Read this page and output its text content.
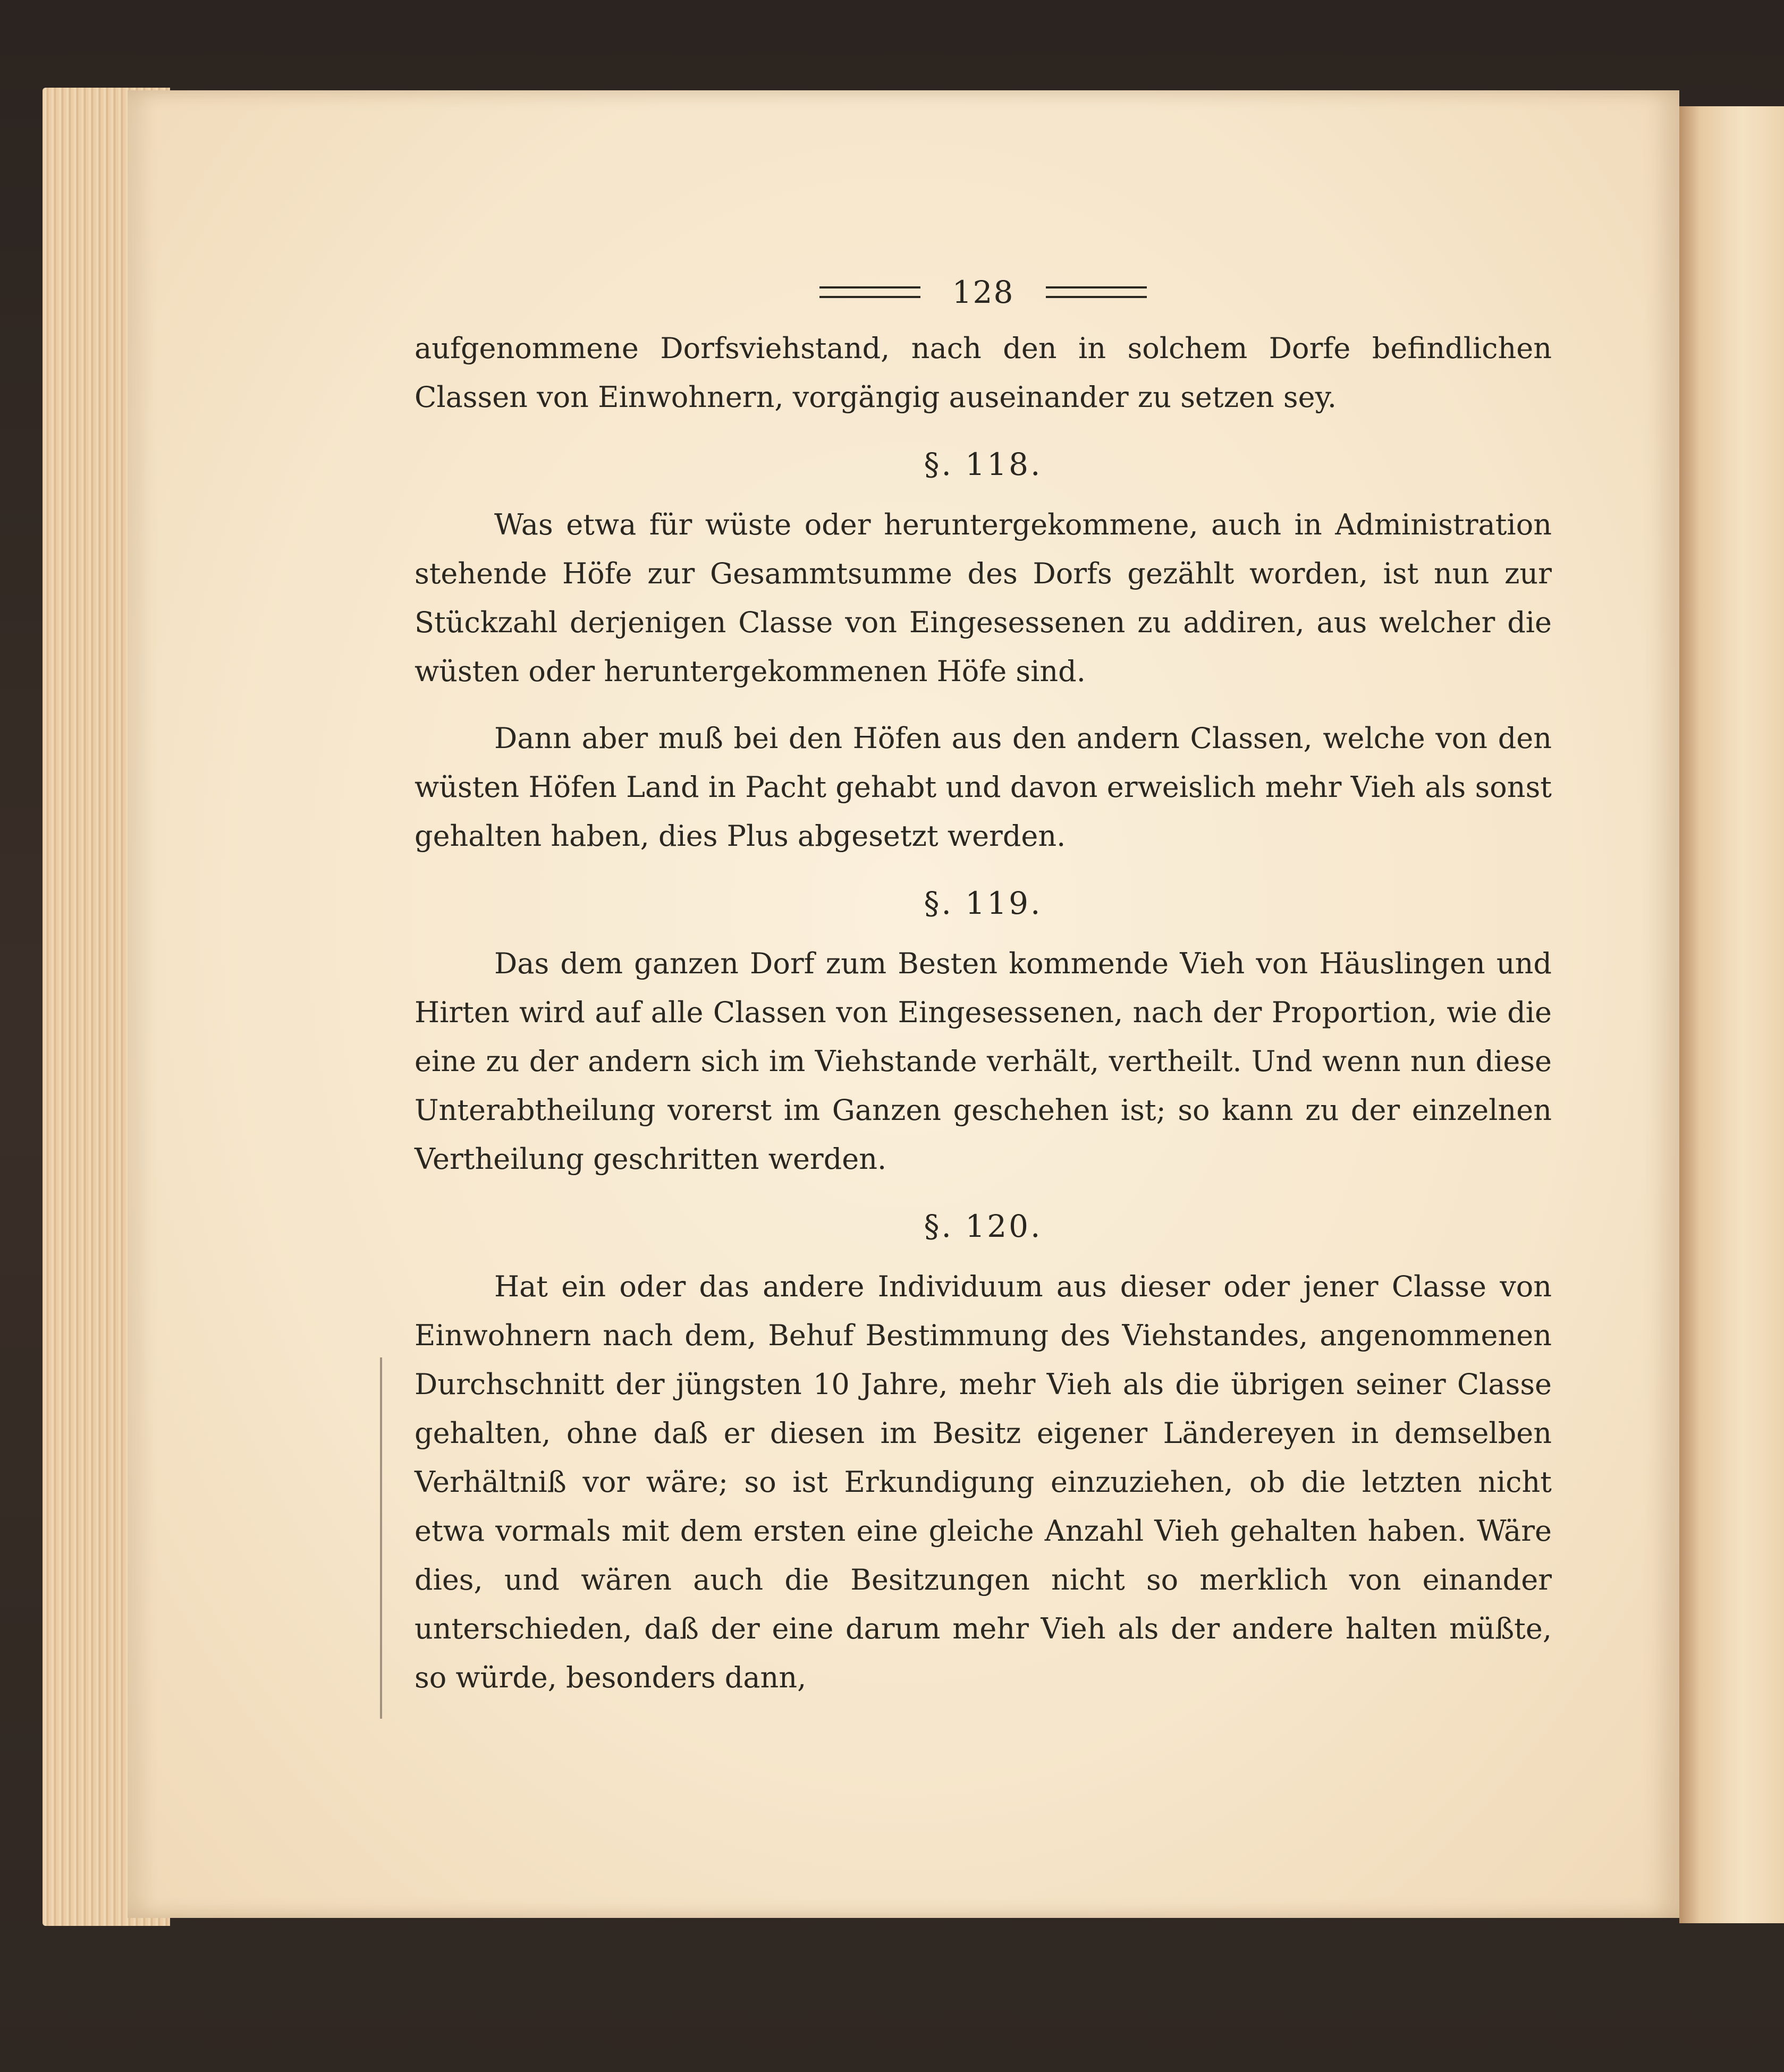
128

aufgenommene Dorfsviehstand, nach den in solchem Dorfe befindlichen Classen von Einwohnern, vorgängig auseinander zu setzen sey.

§. 118.

Was etwa für wüste oder heruntergekommene, auch in Administration stehende Höfe zur Gesammtsumme des Dorfs gezählt worden, ist nun zur Stückzahl derjenigen Classe von Eingesessenen zu addiren, aus welcher die wüsten oder heruntergekommenen Höfe sind.

Dann aber muß bei den Höfen aus den andern Classen, welche von den wüsten Höfen Land in Pacht gehabt und davon erweislich mehr Vieh als sonst gehalten haben, dies Plus abgesetzt werden.

§. 119.

Das dem ganzen Dorf zum Besten kommende Vieh von Häuslingen und Hirten wird auf alle Classen von Eingesessenen, nach der Proportion, wie die eine zu der andern sich im Viehstande verhält, vertheilt. Und wenn nun diese Unterabtheilung vorerst im Ganzen geschehen ist; so kann zu der einzelnen Vertheilung geschritten werden.

§. 120.

Hat ein oder das andere Individuum aus dieser oder jener Classe von Einwohnern nach dem, Behuf Bestimmung des Viehstandes, angenommenen Durchschnitt der jüngsten 10 Jahre, mehr Vieh als die übrigen seiner Classe gehalten, ohne daß er diesen im Besitz eigener Ländereyen in demselben Verhältniß vor wäre; so ist Erkundigung einzuziehen, ob die letzten nicht etwa vormals mit dem ersten eine gleiche Anzahl Vieh gehalten haben. Wäre dies, und wären auch die Besitzungen nicht so merklich von einander unterschieden, daß der eine darum mehr Vieh als der andere halten müßte, so würde, besonders dann,
